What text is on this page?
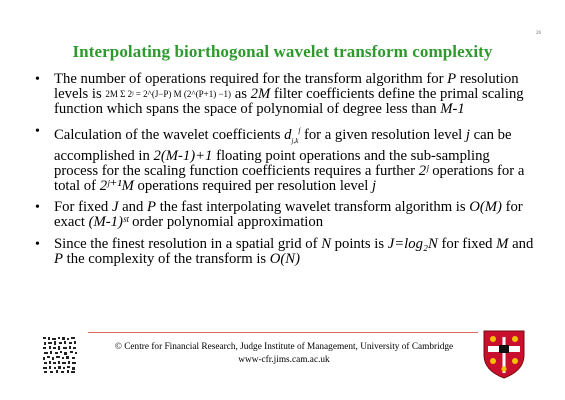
26
Interpolating biorthogonal wavelet transform complexity
• The number of operations required for the transform algorithm for P resolution levels is 2M Σ 2ʲ = 2^(J−P) M (2^(P+1) −1) as 2M filter coefficients define the primal scaling function which spans the space of polynomial of degree less than M-1
• Calculation of the wavelet coefficients $d_{j,k}^f$ for a given resolution level j can be accomplished in 2(M-1)+1 floating point operations and the sub-sampling process for the scaling function coefficients requires a further 2ʲ operations for a total of 2ʲ⁺¹M operations required per resolution level j
• For fixed J and P the fast interpolating wavelet transform algorithm is O(M) for exact (M-1)ˢᵗ order polynomial approximation
• Since the finest resolution in a spatial grid of N points is J=log₂N for fixed M and P the complexity of the transform is O(N)
© Centre for Financial Research, Judge Institute of Management, University of Cambridge
www-cfr.jims.cam.ac.uk
